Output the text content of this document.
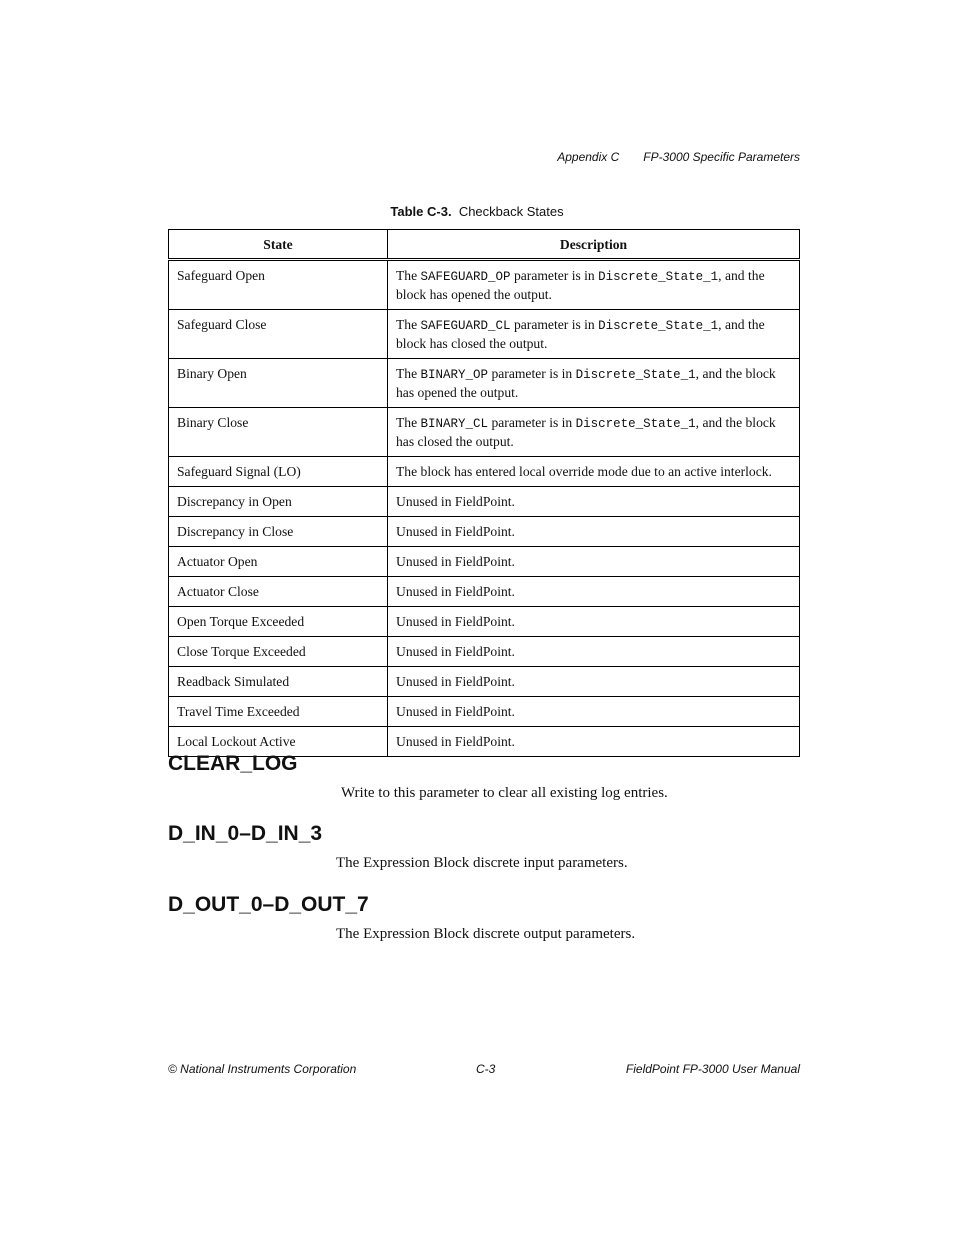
Appendix C FP-3000 Specific Parameters
Table C-3. Checkback States
State	Description
Safeguard Open	The SAFEGUARD_OP parameter is in Discrete_State_1, and the block has opened the output.
Safeguard Close	The SAFEGUARD_CL parameter is in Discrete_State_1, and the block has closed the output.
Binary Open	The BINARY_OP parameter is in Discrete_State_1, and the block has opened the output.
Binary Close	The BINARY_CL parameter is in Discrete_State_1, and the block has closed the output.
Safeguard Signal (LO)	The block has entered local override mode due to an active interlock.
Discrepancy in Open	Unused in FieldPoint.
Discrepancy in Close	Unused in FieldPoint.
Actuator Open	Unused in FieldPoint.
Actuator Close	Unused in FieldPoint.
Open Torque Exceeded	Unused in FieldPoint.
Close Torque Exceeded	Unused in FieldPoint.
Readback Simulated	Unused in FieldPoint.
Travel Time Exceeded	Unused in FieldPoint.
Local Lockout Active	Unused in FieldPoint.
CLEAR_LOG

Write to this parameter to clear all existing log entries.

D_IN_0–D_IN_3

The Expression Block discrete input parameters.

D_OUT_0–D_OUT_7

The Expression Block discrete output parameters.

© National Instruments Corporation	C-3	FieldPoint FP-3000 User Manual
